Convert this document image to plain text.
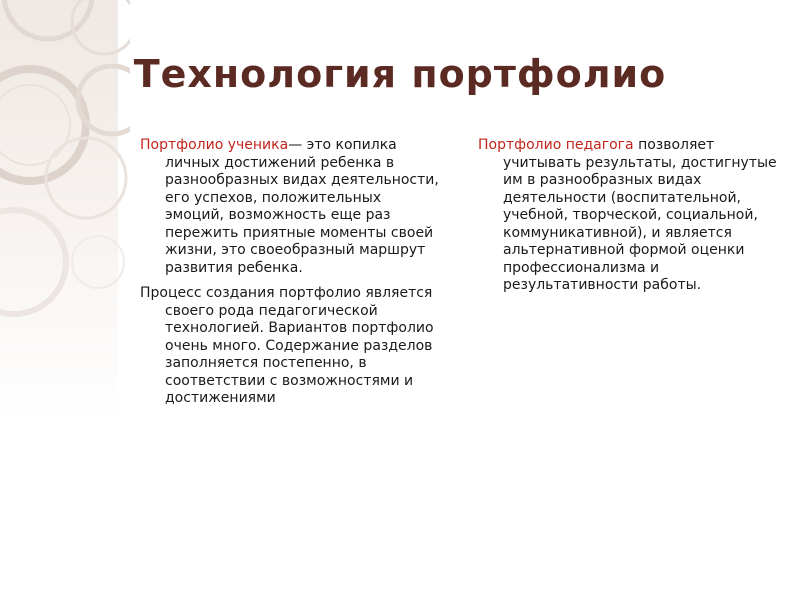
Технология портфолио

Портфолио ученика— это копилка личных достижений ребенка в разнообразных видах деятельности, его успехов, положительных эмоций, возможность еще раз пережить приятные моменты своей жизни, это своеобразный маршрут развития ребенка.

Процесс создания портфолио является своего рода педагогической технологией. Вариантов портфолио очень много. Содержание разделов заполняется постепенно, в соответствии с возможностями и достижениями

Портфолио педагога позволяет учитывать результаты, достигнутые им в разнообразных видах деятельности (воспитательной, учебной, творческой, социальной, коммуникативной), и является альтернативной формой оценки профессионализма и результативности работы.
